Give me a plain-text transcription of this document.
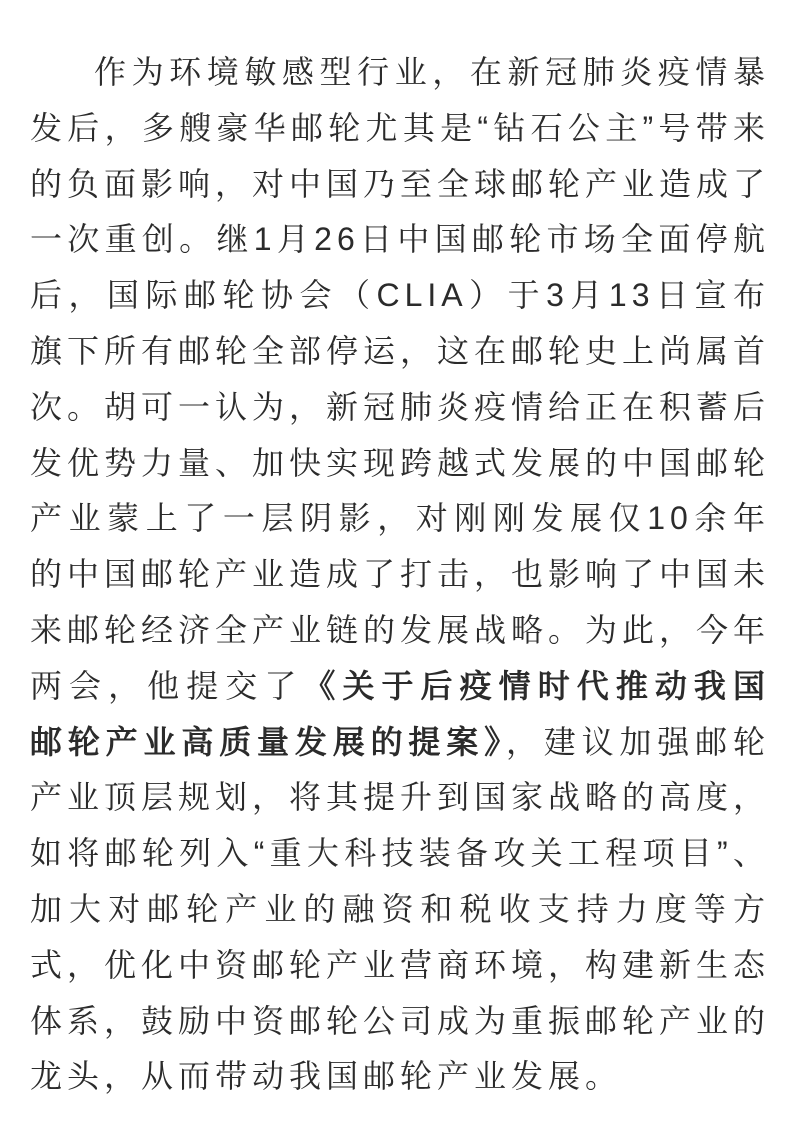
作为环境敏感型行业，在新冠肺炎疫情暴发后，多艘豪华邮轮尤其是“钻石公主”号带来的负面影响，对中国乃至全球邮轮产业造成了一次重创。继1月26日中国邮轮市场全面停航后，国际邮轮协会（CLIA）于3月13日宣布旗下所有邮轮全部停运，这在邮轮史上尚属首次。胡可一认为，新冠肺炎疫情给正在积蓄后发优势力量、加快实现跨越式发展的中国邮轮产业蒙上了一层阴影，对刚刚发展仅10余年的中国邮轮产业造成了打击，也影响了中国未来邮轮经济全产业链的发展战略。为此，今年两会，他提交了《关于后疫情时代推动我国邮轮产业高质量发展的提案》，建议加强邮轮产业顶层规划，将其提升到国家战略的高度，如将邮轮列入“重大科技装备攻关工程项目”、加大对邮轮产业的融资和税收支持力度等方式，优化中资邮轮产业营商环境，构建新生态体系，鼓励中资邮轮公司成为重振邮轮产业的龙头，从而带动我国邮轮产业发展。
